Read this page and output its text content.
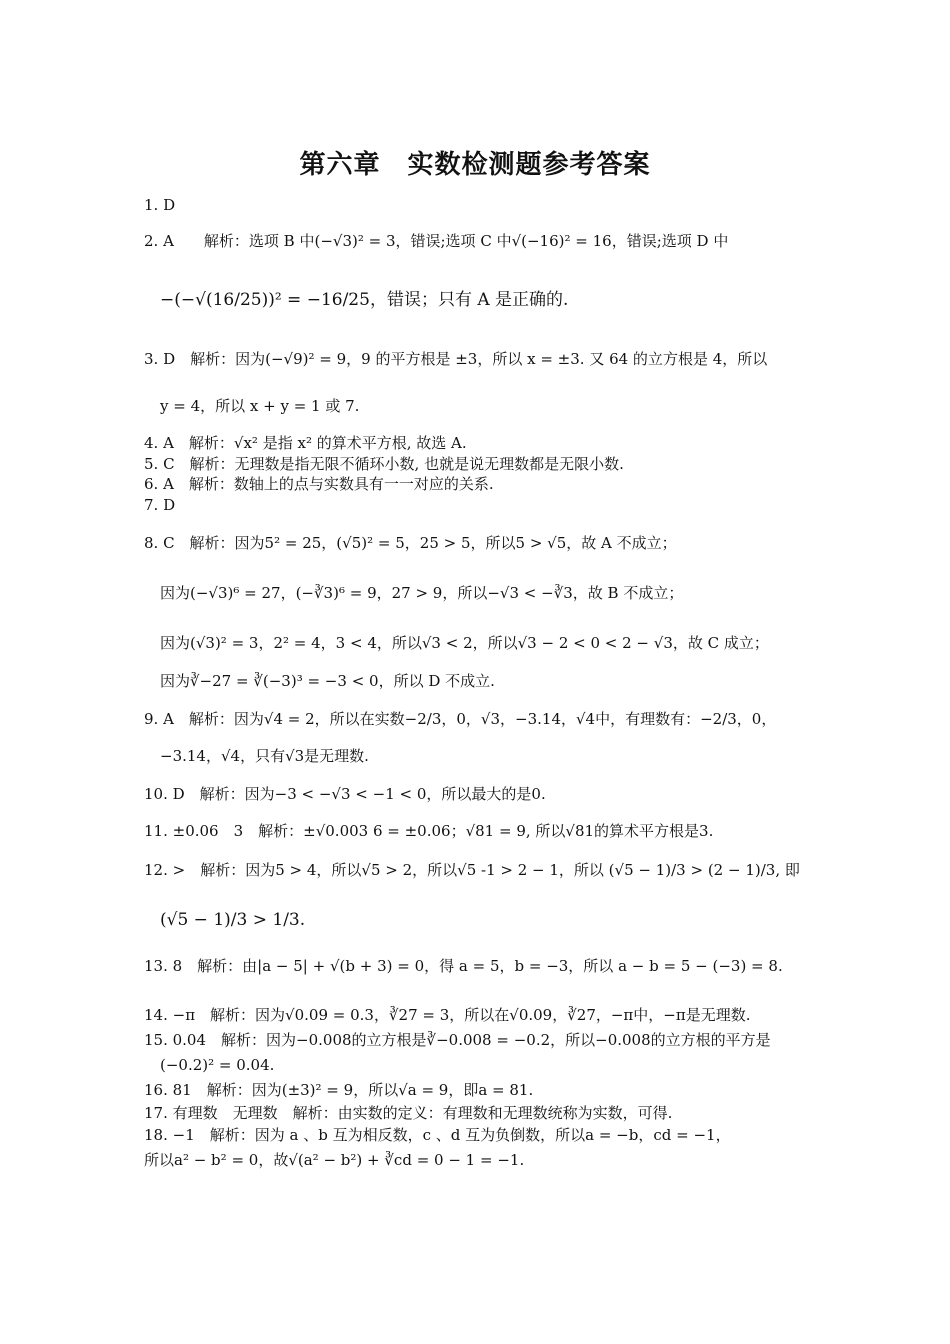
第六章　实数检测题参考答案
1. D
2. A　　解析：选项 B 中(−√3)² = 3，错误;选项 C 中√(−16)² = 16，错误;选项 D 中
−(−√(16/25))² = −16/25，错误；只有 A 是正确的.
3. D　解析：因为(−√9)² = 9，9 的平方根是 ±3，所以 x = ±3. 又 64 的立方根是 4，所以
y = 4，所以 x + y = 1 或 7.
4. A　解析：√x² 是指 x² 的算术平方根, 故选 A.
5. C　解析：无理数是指无限不循环小数, 也就是说无理数都是无限小数.
6. A　解析：数轴上的点与实数具有一一对应的关系.
7. D
8. C　解析：因为5² = 25，(√5)² = 5，25 > 5，所以5 > √5，故 A 不成立；
因为(−√3)⁶ = 27，(−∛3)⁶ = 9，27 > 9，所以−√3 < −∛3，故 B 不成立；
因为(√3)² = 3，2² = 4，3 < 4，所以√3 < 2，所以√3 − 2 < 0 < 2 − √3，故 C 成立；
因为∛−27 = ∛(−3)³ = −3 < 0，所以 D 不成立.
9. A　解析：因为√4 = 2，所以在实数−2/3，0，√3，−3.14，√4中，有理数有：−2/3，0，
−3.14，√4，只有√3是无理数.
10. D　解析：因为−3 < −√3 < −1 < 0，所以最大的是0.
11. ±0.06　3　解析：±√0.003 6 = ±0.06；√81 = 9, 所以√81的算术平方根是3.
12. >　解析：因为5 > 4，所以√5 > 2，所以√5 -1 > 2 − 1，所以 (√5 − 1)/3 > (2 − 1)/3, 即
(√5 − 1)/3 > 1/3.
13. 8　解析：由|a − 5| + √(b + 3) = 0，得 a = 5，b = −3，所以 a − b = 5 − (−3) = 8.
14. −π　解析：因为√0.09 = 0.3，∛27 = 3，所以在√0.09，∛27，−π中，−π是无理数.
15. 0.04　解析：因为−0.008的立方根是∛−0.008 = −0.2，所以−0.008的立方根的平方是
(−0.2)² = 0.04.
16. 81　解析：因为(±3)² = 9，所以√a = 9，即a = 81.
17. 有理数　无理数　解析：由实数的定义：有理数和无理数统称为实数，可得.
18. −1　解析：因为 a 、b 互为相反数，c 、d 互为负倒数，所以a = −b，cd = −1，
所以a² − b² = 0，故√(a² − b²) + ∛cd = 0 − 1 = −1.
